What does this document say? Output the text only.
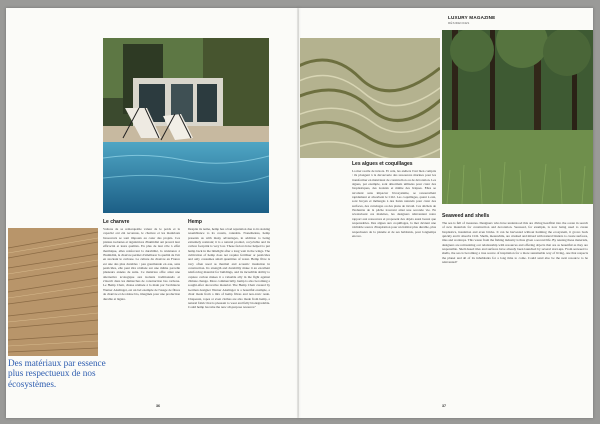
Le chanvre

Voilons de sa remarquable valeur de le poids et la capacité ont été reconnus, le chanvre et les matériaux biosourcés se sont imposés au cœur des projets. Ces plantes isolantes et régulatrices d'humidité ont prouvé leur efficacité et leurs qualités. En plus de leur rôle à effet thermique, elles renforcent la durabilité, la résistance à l'humidité, le chanvre permet d'améliorer la qualité de l'air en stockant le carbone. La culture du chanvre en France est une des plus durables : peu gourmande en eau, sans pesticides, elle peut être réalisée sur une même parcelle plusieurs années de suite. Ce matériau offre ainsi une alternative écologique aux isolants traditionnels et s'inscrit dans les démarches de construction bas carbone. Le Hemp Chair, chaise réalisée à la main par l'architecte Werner Aisslinger, est un bel exemple de l'usage de fibres de chanvre et de résine bio, imaginée pour une production durable et légère.

Hemp

Despite its name, hemp has a bad reputation due to its stoking resemblance to its cousin, cannabis. Nonetheless, hemp presents us with many advantages, in addition to being extremely resistant; it is a natural product, recyclable and its carbon footprint is very low. These factors have helped to put hemp back in the limelight after a long wait in the wings. The cultivation of hemp does not require fertiliser or pesticides and only consumes small quantities of water. Hemp fibre is very often used as thermal and acoustic insulation in construction. Its strength and durability make it an excellent reinforcing material for buildings, and its incredible ability to capture carbon makes it a valuable ally in the fight against climate change. More commercially, hemp is also becoming a sought-after decorative material. The Hemp Chair created by German designer Werner Aisslinger is a beautiful example, a chair made from a mix of hemp fibres and non-toxic resin. Chapeaux, ropes or even clothes are also made from hemp, a natural fabric that is pleasant to wear and fully biodegradable. Could hemp become the new all-purpose resource?

Des matériaux par essence plus respectueux de nos écosystèmes.

36
LUXURY MAGAZINE
RÉSIDENCES
Les algues et coquillages

La mer recèle de trésors. Et cela, les ateliers l'ont bien compris : ils plongent à la découverte des ressources marines pour les transformer en matériaux de construction ou de décoration. Les algues, par exemple, sont désormais utilisées pour créer des bioplastiques, des isolants et même des briques. Elles se récoltent sans impacter l'écosystème, se renouvellent rapidement et absorbent le CO2. Les coquillages, quant à eux, sont broyés et mélangés à des liants naturels pour créer des surfaces, des carrelages ou des plans de travail. Ces déchets de l'industrie de la pêche trouvent ainsi une seconde vie. En revalorisant ces matières, les designers réinventent notre rapport aux ressources et proposent des objets aussi beaux que responsables. Des algues aux coquillages, la mer devient une véritable source d'inspiration pour un habitat plus durable, plus respectueux de la planète et de ses habitants, pour longtemps encore.

Seaweed and shells

The sea is full of treasures. Designers who have understood this are diving headfirst into the ocean in search of new materials for construction and decoration. Seaweed, for example, is now being used to create bioplastics, insulation and even bricks. It can be harvested without harming the ecosystem, it grows back quickly and it absorbs CO2. Shells, meanwhile, are crushed and mixed with natural binders to create surfaces, tiles and worktops. This waste from the fishing industry is thus given a second life. By reusing these materials, designers are reinventing our relationship with resources and offering objects that are as beautiful as they are responsible. Shell-based tiles and surfaces have already been launched by several start-ups. From seaweed to shells, the sea is becoming a true source of inspiration for a more sustainable way of living, one that respects the planet and all of its inhabitants for a long time to come. Could sand also be the next resource to be reinvented?

37
